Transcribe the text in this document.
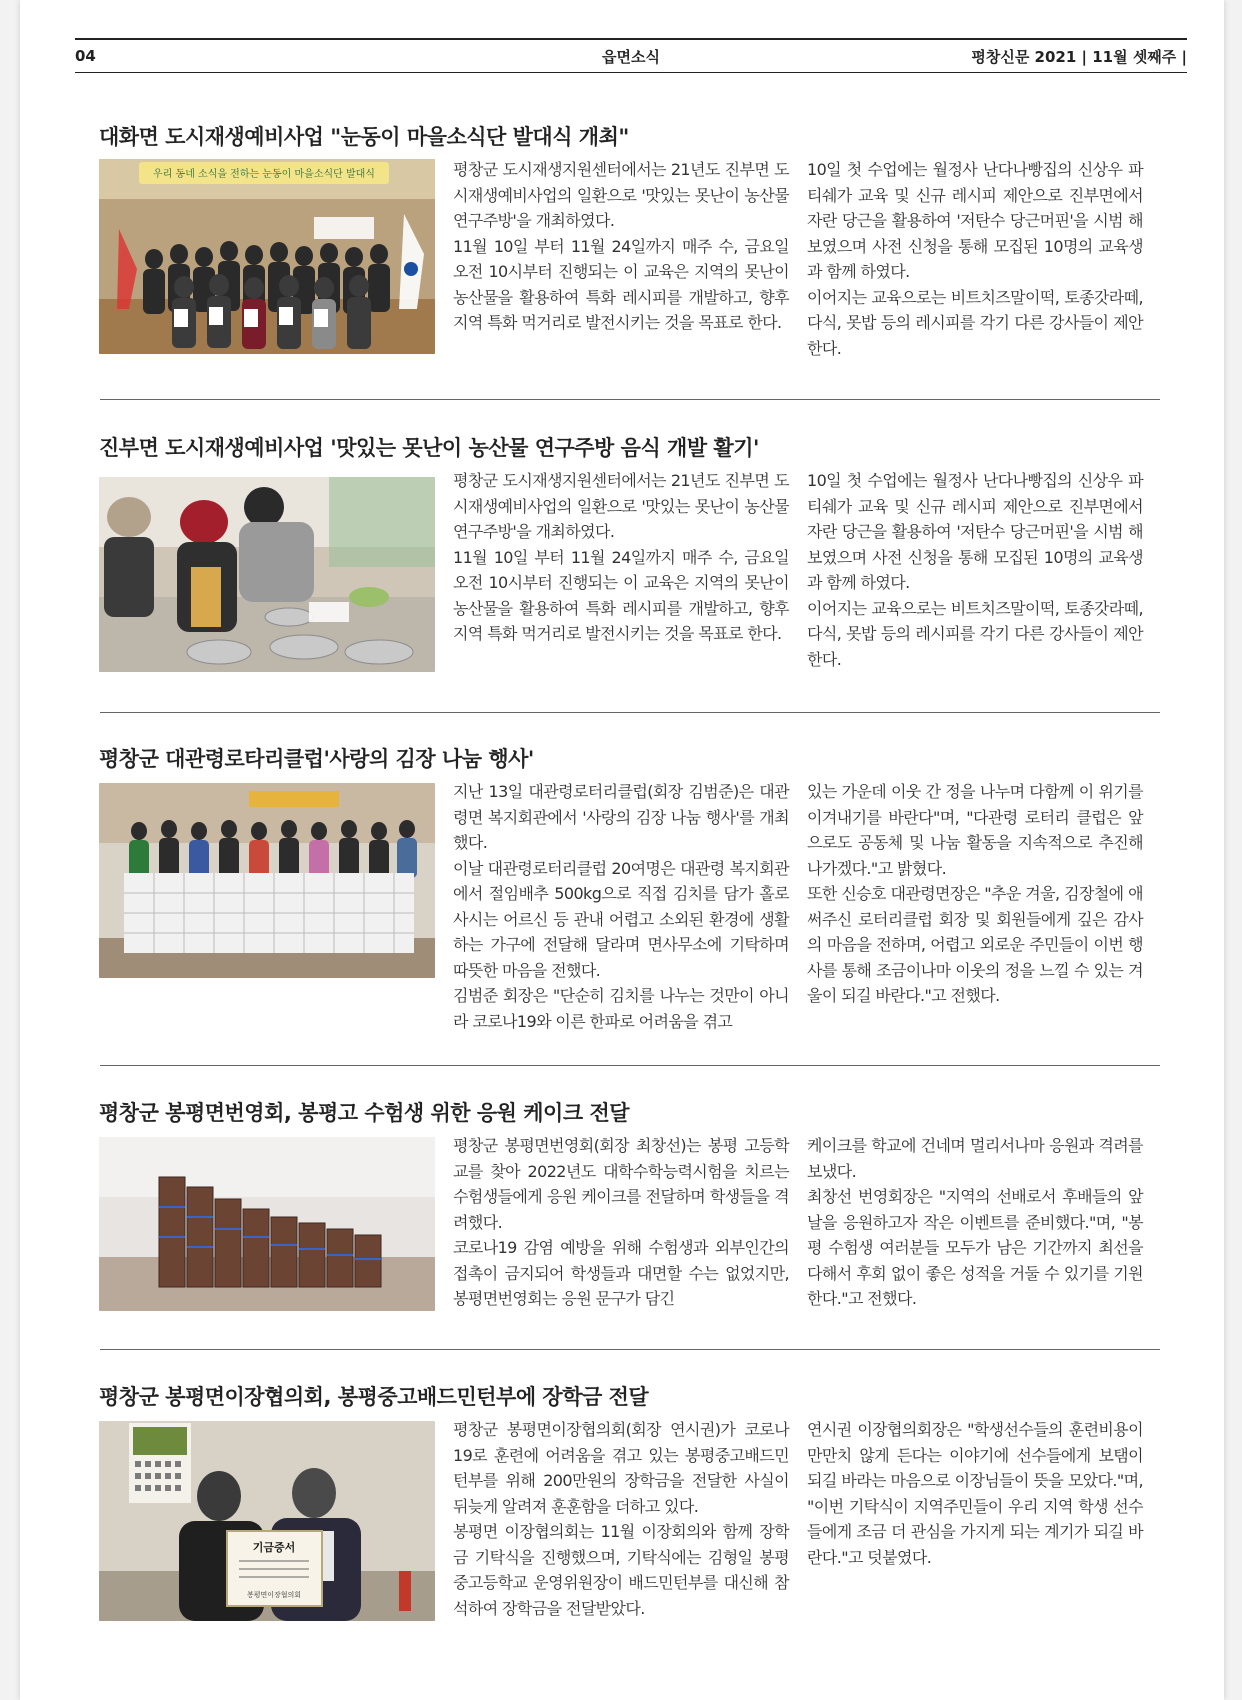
04	읍면소식	평창신문 2021 | 11월 셋째주 |
대화면 도시재생예비사업 "눈동이 마을소식단 발대식 개최"
우리 동네 소식을 전하는 눈동이 마을소식단 발대식	평창군 도시재생지원센터에서는 21년도 진부면 도시재생예비사업의 일환으로 '맛있는 못난이 농산물 연구주방'을 개최하였다.

11월 10일 부터 11월 24일까지 매주 수, 금요일 오전 10시부터 진행되는 이 교육은 지역의 못난이 농산물을 활용하여 특화 레시피를 개발하고, 향후 지역 특화 먹거리로 발전시키는 것을 목표로 한다.

10일 첫 수업에는 월정사 난다나빵집의 신상우 파티쉐가 교육 및 신규 레시피 제안으로 진부면에서 자란 당근을 활용하여 '저탄수 당근머핀'을 시범 해 보였으며 사전 신청을 통해 모집된 10명의 교육생과 함께 하였다.

이어지는 교육으로는 비트치즈말이떡, 토종갓라떼, 다식, 못밥 등의 레시피를 각기 다른 강사들이 제안 한다.

진부면 도시재생예비사업 '맛있는 못난이 농산물 연구주방 음식 개발 활기'

평창군 도시재생지원센터에서는 21년도 진부면 도시재생예비사업의 일환으로 '맛있는 못난이 농산물 연구주방'을 개최하였다.

11월 10일 부터 11월 24일까지 매주 수, 금요일 오전 10시부터 진행되는 이 교육은 지역의 못난이 농산물을 활용하여 특화 레시피를 개발하고, 향후 지역 특화 먹거리로 발전시키는 것을 목표로 한다.

10일 첫 수업에는 월정사 난다나빵집의 신상우 파티쉐가 교육 및 신규 레시피 제안으로 진부면에서 자란 당근을 활용하여 '저탄수 당근머핀'을 시범 해 보였으며 사전 신청을 통해 모집된 10명의 교육생과 함께 하였다.

이어지는 교육으로는 비트치즈말이떡, 토종갓라떼, 다식, 못밥 등의 레시피를 각기 다른 강사들이 제안 한다.

평창군 대관령로타리클럽'사랑의 김장 나눔 행사'

지난 13일 대관령로터리클럽(회장 김범준)은 대관령면 복지회관에서 '사랑의 김장 나눔 행사'를 개최했다.

이날 대관령로터리클럽 20여명은 대관령 복지회관에서 절임배추 500kg으로 직접 김치를 담가 홀로 사시는 어르신 등 관내 어렵고 소외된 환경에 생활하는 가구에 전달해 달라며 면사무소에 기탁하며 따뜻한 마음을 전했다.

김범준 회장은 "단순히 김치를 나누는 것만이 아니라 코로나19와 이른 한파로 어려움을 겪고

있는 가운데 이웃 간 정을 나누며 다함께 이 위기를 이겨내기를 바란다"며, "다관령 로터리 클럽은 앞으로도 공동체 및 나눔 활동을 지속적으로 추진해 나가겠다."고 밝혔다.

또한 신승호 대관령면장은 "추운 겨울, 김장철에 애써주신 로터리클럽 회장 및 회원들에게 깊은 감사의 마음을 전하며, 어렵고 외로운 주민들이 이번 행사를 통해 조금이나마 이웃의 정을 느낄 수 있는 겨울이 되길 바란다."고 전했다.

평창군 봉평면번영회, 봉평고 수험생 위한 응원 케이크 전달

평창군 봉평면번영회(회장 최창선)는 봉평 고등학교를 찾아 2022년도 대학수학능력시험을 치르는 수험생들에게 응원 케이크를 전달하며 학생들을 격려했다.

코로나19 감염 예방을 위해 수험생과 외부인간의 접촉이 금지되어 학생들과 대면할 수는 없었지만, 봉평면번영회는 응원 문구가 담긴

케이크를 학교에 건네며 멀리서나마 응원과 격려를 보냈다.

최창선 번영회장은 "지역의 선배로서 후배들의 앞날을 응원하고자 작은 이벤트를 준비했다."며, "봉평 수험생 여러분들 모두가 남은 기간까지 최선을 다해서 후회 없이 좋은 성적을 거둘 수 있기를 기원한다."고 전했다.

평창군 봉평면이장협의회, 봉평중고배드민턴부에 장학금 전달
기금증서
봉평면이장협의회

평창군 봉평면이장협의회(회장 연시권)가 코로나19로 훈련에 어려움을 겪고 있는 봉평중고배드민턴부를 위해 200만원의 장학금을 전달한 사실이 뒤늦게 알려져 훈훈함을 더하고 있다.

봉평면 이장협의회는 11월 이장회의와 함께 장학금 기탁식을 진행했으며, 기탁식에는 김형일 봉평중고등학교 운영위원장이 배드민턴부를 대신해 참석하여 장학금을 전달받았다.

연시권 이장협의회장은 "학생선수들의 훈련비용이 만만치 않게 든다는 이야기에 선수들에게 보탬이 되길 바라는 마음으로 이장님들이 뜻을 모았다."며, "이번 기탁식이 지역주민들이 우리 지역 학생 선수들에게 조금 더 관심을 가지게 되는 계기가 되길 바란다."고 덧붙였다.
